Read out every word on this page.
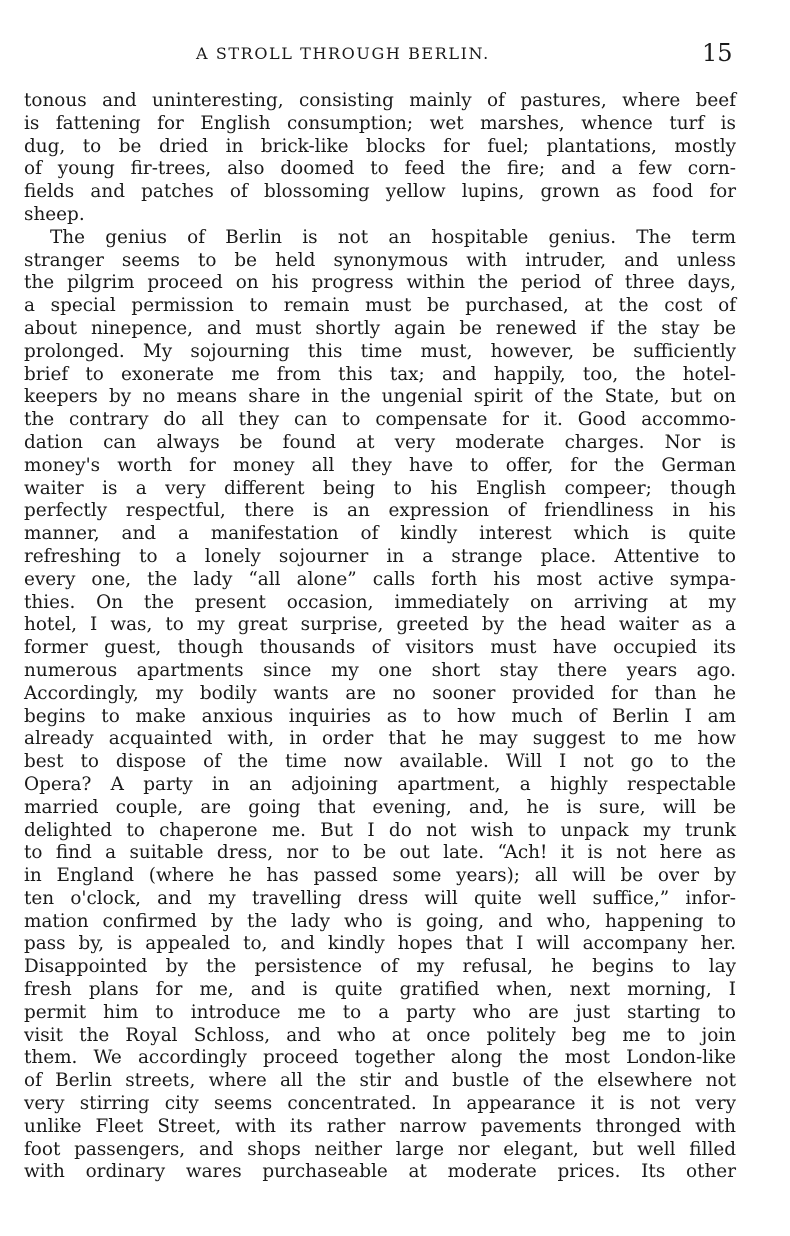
A STROLL THROUGH BERLIN.	15
tonous and uninteresting, consisting mainly of pastures, where beef
is fattening for English consumption; wet marshes, whence turf is
dug, to be dried in brick-like blocks for fuel; plantations, mostly
of young fir-trees, also doomed to feed the fire; and a few corn-
fields and patches of blossoming yellow lupins, grown as food for
sheep.
The genius of Berlin is not an hospitable genius. The term
stranger seems to be held synonymous with intruder, and unless
the pilgrim proceed on his progress within the period of three days,
a special permission to remain must be purchased, at the cost of
about ninepence, and must shortly again be renewed if the stay be
prolonged. My sojourning this time must, however, be sufficiently
brief to exonerate me from this tax; and happily, too, the hotel-
keepers by no means share in the ungenial spirit of the State, but on
the contrary do all they can to compensate for it. Good accommo-
dation can always be found at very moderate charges. Nor is
money's worth for money all they have to offer, for the German
waiter is a very different being to his English compeer; though
perfectly respectful, there is an expression of friendliness in his
manner, and a manifestation of kindly interest which is quite
refreshing to a lonely sojourner in a strange place. Attentive to
every one, the lady “all alone” calls forth his most active sympa-
thies. On the present occasion, immediately on arriving at my
hotel, I was, to my great surprise, greeted by the head waiter as a
former guest, though thousands of visitors must have occupied its
numerous apartments since my one short stay there years ago.
Accordingly, my bodily wants are no sooner provided for than he
begins to make anxious inquiries as to how much of Berlin I am
already acquainted with, in order that he may suggest to me how
best to dispose of the time now available. Will I not go to the
Opera? A party in an adjoining apartment, a highly respectable
married couple, are going that evening, and, he is sure, will be
delighted to chaperone me. But I do not wish to unpack my trunk
to find a suitable dress, nor to be out late. “Ach! it is not here as
in England (where he has passed some years); all will be over by
ten o'clock, and my travelling dress will quite well suffice,” infor-
mation confirmed by the lady who is going, and who, happening to
pass by, is appealed to, and kindly hopes that I will accompany her.
Disappointed by the persistence of my refusal, he begins to lay
fresh plans for me, and is quite gratified when, next morning, I
permit him to introduce me to a party who are just starting to
visit the Royal Schloss, and who at once politely beg me to join
them. We accordingly proceed together along the most London-like
of Berlin streets, where all the stir and bustle of the elsewhere not
very stirring city seems concentrated. In appearance it is not very
unlike Fleet Street, with its rather narrow pavements thronged with
foot passengers, and shops neither large nor elegant, but well filled
with ordinary wares purchaseable at moderate prices. Its other
